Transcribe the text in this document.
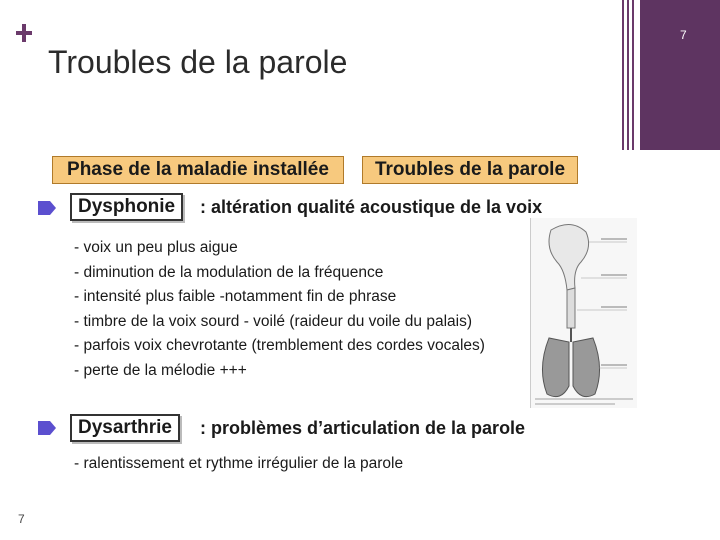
Troubles de la parole
7
Phase de la maladie installée	Troubles de la parole
Dysphonie	: altération qualité acoustique de la voix
- voix un peu plus aigue
- diminution de la modulation de la fréquence
- intensité plus faible -notamment fin de phrase
- timbre de la voix sourd - voilé (raideur du voile du palais)
- parfois voix chevrotante (tremblement des cordes vocales)
- perte de la mélodie +++
Dysarthrie	: problèmes d’articulation de la parole
- ralentissement et rythme irrégulier de la parole
7
